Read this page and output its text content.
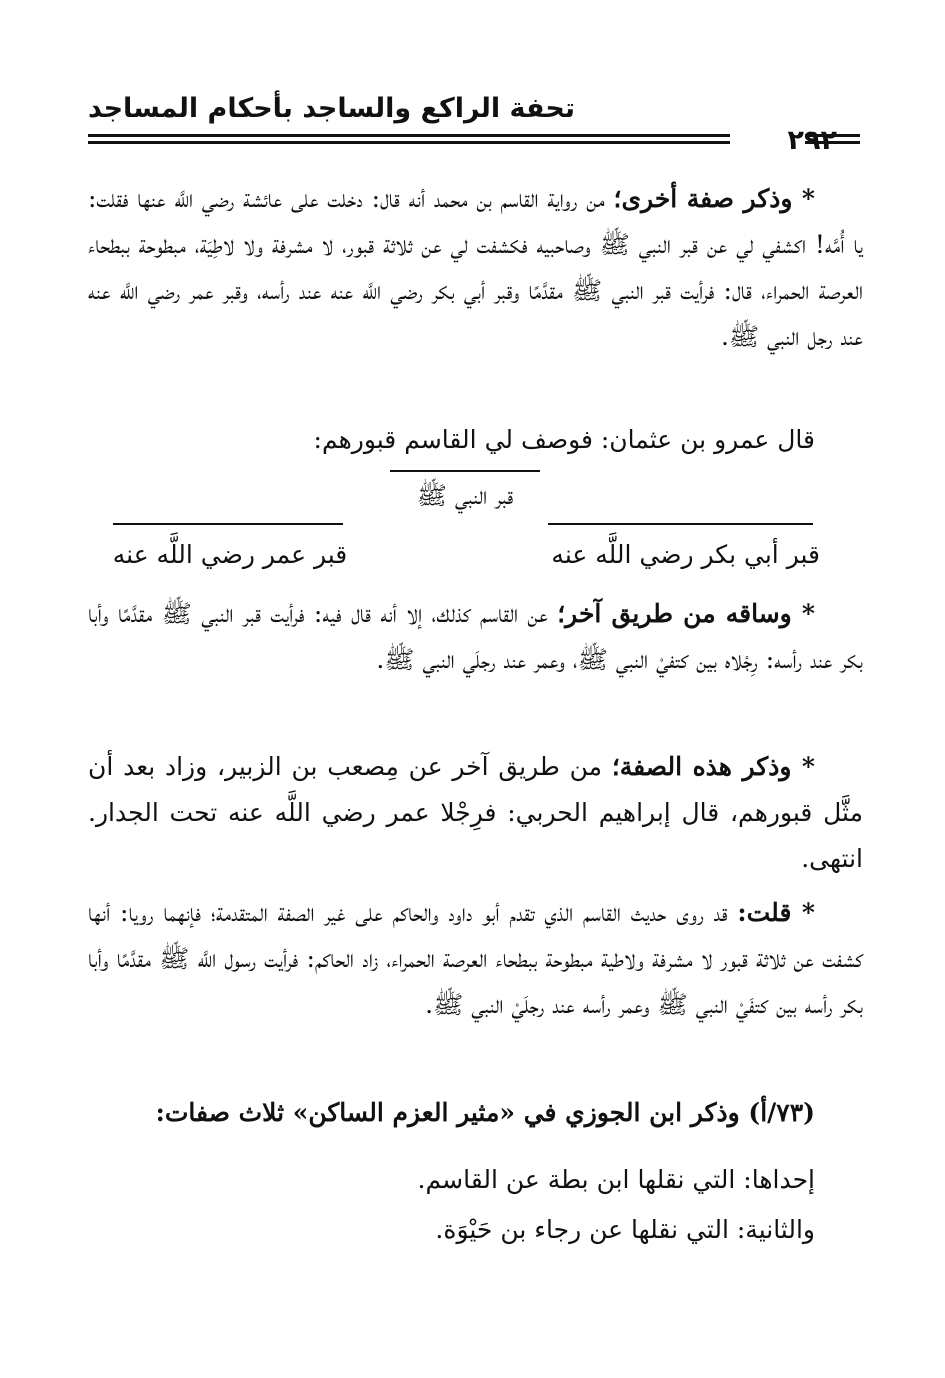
تحفة الراكع والساجد بأحكام المساجد
٢٩٢
* وذكر صفة أخرى؛ من رواية القاسم بن محمد أنه قال: دخلت على عائشة رضي اللَّه عنها فقلت: يا أُمَّه! اكشفي لي عن قبر النبي ﷺ وصاحبيه فكشفت لي عن ثلاثة قبور، لا مشرفة ولا لاطِيَة، مبطوحة ببطحاء العرصة الحمراء، قال: فرأيت قبر النبي ﷺ مقدَّمًا وقبر أبي بكر رضي اللَّه عنه عند رأسه، وقبر عمر رضي اللَّه عنه عند رجل النبي ﷺ.
قال عمرو بن عثمان: فوصف لي القاسم قبورهم:
قبر النبي ﷺ
قبر أبي بكر رضي اللَّه عنه
قبر عمر رضي اللَّه عنه
* وساقه من طريق آخر؛ عن القاسم كذلك، إلا أنه قال فيه: فرأيت قبر النبي ﷺ مقدَّمًا وأبا بكر عند رأسه: رِجْلاه بين كتفيْ النبي ﷺ، وعمر عند رجلَي النبي ﷺ.
* وذكر هذه الصفة؛ من طريق آخر عن مِصعب بن الزبير، وزاد بعد أن مثَّل قبورهم، قال إبراهيم الحربي: فرِجْلا عمر رضي اللَّه عنه تحت الجدار. انتهى.
* قلت: قد روى حديث القاسم الذي تقدم أبو داود والحاكم على غير الصفة المتقدمة؛ فإنهما رويا: أنها كشفت عن ثلاثة قبور لا مشرفة ولاطية مبطوحة ببطحاء العرصة الحمراء، زاد الحاكم: فرأيت رسول اللَّه ﷺ مقدَّمًا وأبا بكر رأسه بين كتفَيْ النبي ﷺ وعمر رأسه عند رجلَيْ النبي ﷺ.
(٧٣/أ) وذكر ابن الجوزي في «مثير العزم الساكن» ثلاث صفات:
إحداها: التي نقلها ابن بطة عن القاسم.
والثانية: التي نقلها عن رجاء بن حَيْوَة.
